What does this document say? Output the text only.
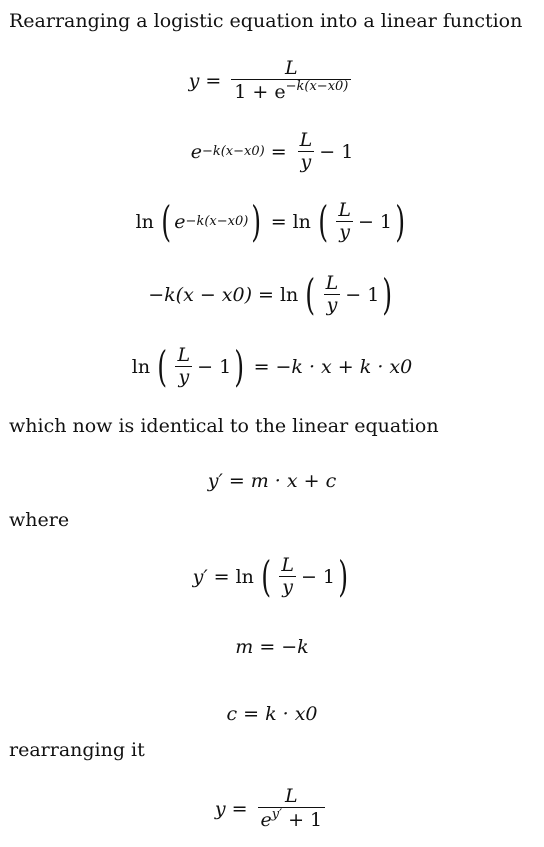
Rearranging a logistic equation into a linear function
$y = \frac{L}{1 + e^{-k(x-x0)}}$
$e -k(x-x0) = \frac{L}{y} - 1$
ln ( e −k(x−x0) ) = ln ( $\frac{L}{y} - 1$ )
−k(x − x0) = ln ( $\frac{L}{y} - 1$ )
ln ( $\frac{L}{y} - 1$ ) = −k · x + k · x0
which now is identical to the linear equation
y′ = m · x + c
where
y′ = ln ( $\frac{L}{y} - 1$ )
m = −k
c = k · x0
rearranging it
$y = \frac{L}{e^{y'} + 1}$
